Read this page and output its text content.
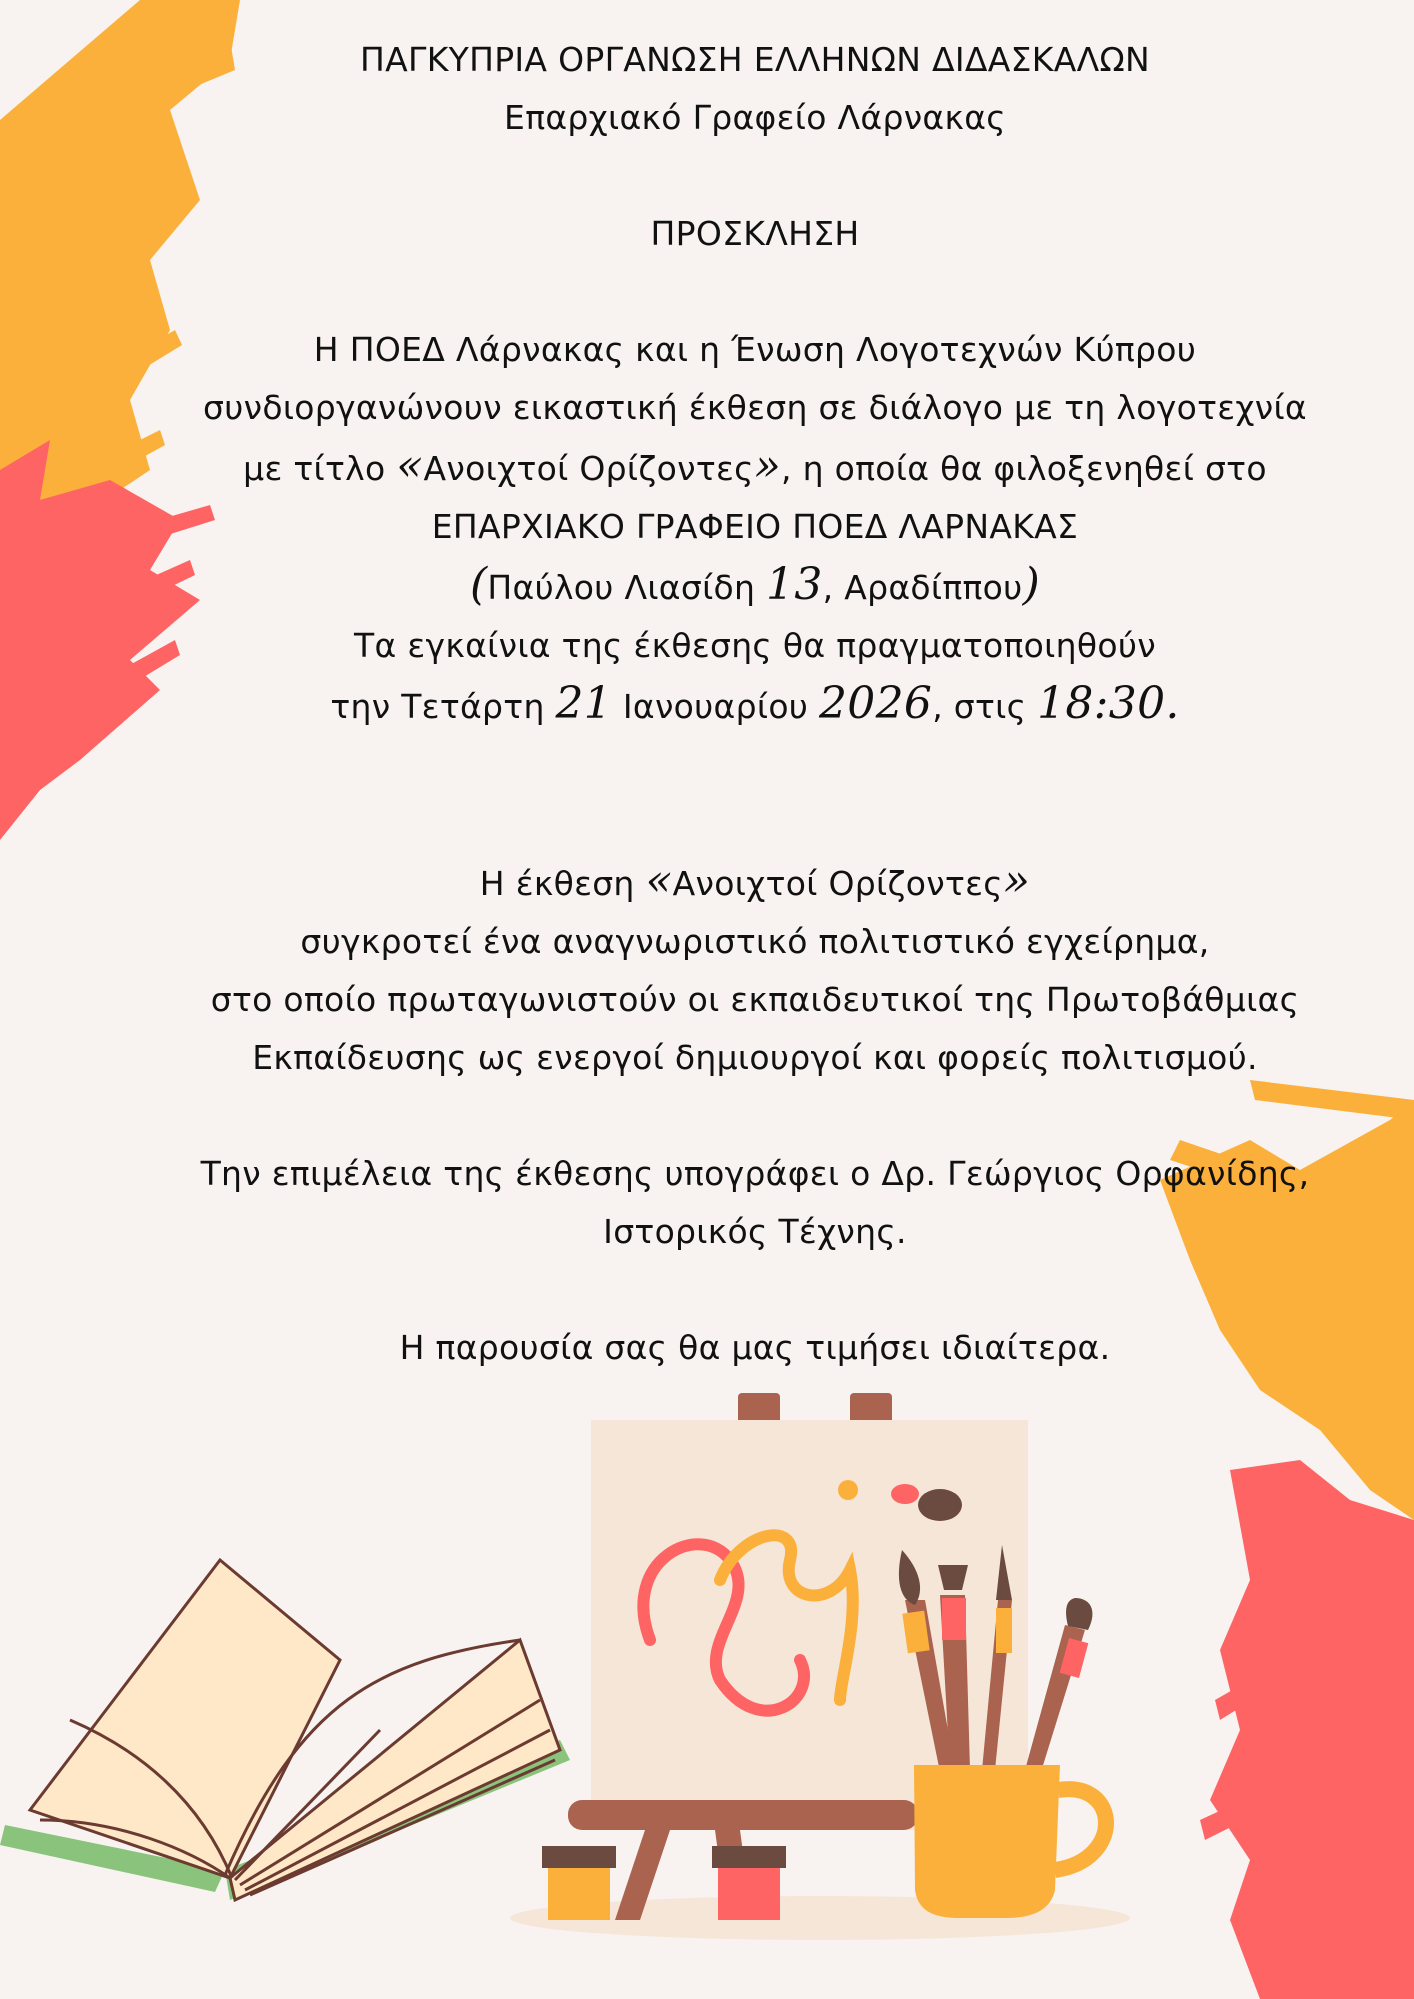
ΠΑΓΚΥΠΡΙΑ ΟΡΓΑΝΩΣΗ ΕΛΛΗΝΩΝ ΔΙΔΑΣΚΑΛΩΝ
Επαρχιακό Γραφείο Λάρνακας
ΠΡΟΣΚΛΗΣΗ
Η ΠΟΕΔ Λάρνακας και η Ένωση Λογοτεχνών Κύπρου
συνδιοργανώνουν εικαστική έκθεση σε διάλογο με τη λογοτεχνία
με τίτλο «Ανοιχτοί Ορίζοντες», η οποία θα φιλοξενηθεί στο
ΕΠΑΡΧΙΑΚΟ ΓΡΑΦΕΙΟ ΠΟΕΔ ΛΑΡΝΑΚΑΣ
(Παύλου Λιασίδη 13, Αραδίππου)
Τα εγκαίνια της έκθεσης θα πραγματοποιηθούν
την Τετάρτη 21 Ιανουαρίου 2026, στις 18:30.
Η έκθεση «Ανοιχτοί Ορίζοντες»
συγκροτεί ένα αναγνωριστικό πολιτιστικό εγχείρημα,
στο οποίο πρωταγωνιστούν οι εκπαιδευτικοί της Πρωτοβάθμιας
Εκπαίδευσης ως ενεργοί δημιουργοί και φορείς πολιτισμού.
Την επιμέλεια της έκθεσης υπογράφει ο Δρ. Γεώργιος Ορφανίδης,
Ιστορικός Τέχνης.
Η παρουσία σας θα μας τιμήσει ιδιαίτερα.
